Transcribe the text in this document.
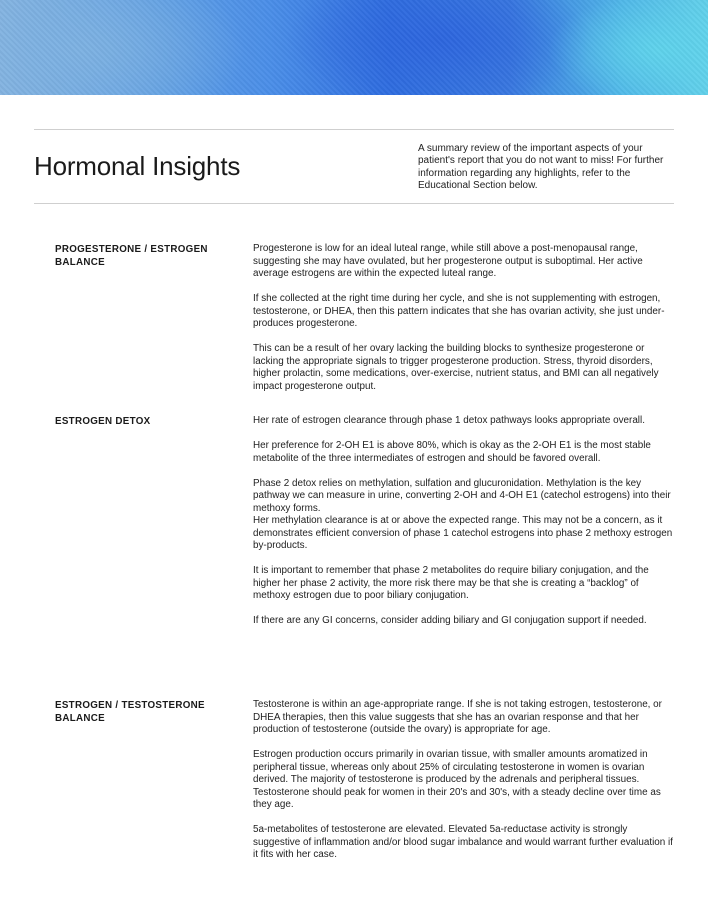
Hormonal Insights

A summary review of the important aspects of your patient's report that you do not want to miss! For further information regarding any highlights, refer to the Educational Section below.

PROGESTERONE / ESTROGEN BALANCE

Progesterone is low for an ideal luteal range, while still above a post-menopausal range, suggesting she may have ovulated, but her progesterone output is suboptimal. Her active average estrogens are within the expected luteal range.

If she collected at the right time during her cycle, and she is not supplementing with estrogen, testosterone, or DHEA, then this pattern indicates that she has ovarian activity, she just under-produces progesterone.

This can be a result of her ovary lacking the building blocks to synthesize progesterone or lacking the appropriate signals to trigger progesterone production. Stress, thyroid disorders, higher prolactin, some medications, over-exercise, nutrient status, and BMI can all negatively impact progesterone output.

ESTROGEN DETOX	Her rate of estrogen clearance through phase 1 detox pathways looks appropriate overall.

Her preference for 2-OH E1 is above 80%, which is okay as the 2-OH E1 is the most stable metabolite of the three intermediates of estrogen and should be favored overall.

Phase 2 detox relies on methylation, sulfation and glucuronidation. Methylation is the key pathway we can measure in urine, converting 2-OH and 4-OH E1 (catechol estrogens) into their methoxy forms.

Her methylation clearance is at or above the expected range. This may not be a concern, as it demonstrates efficient conversion of phase 1 catechol estrogens into phase 2 methoxy estrogen by-products.

It is important to remember that phase 2 metabolites do require biliary conjugation, and the higher her phase 2 activity, the more risk there may be that she is creating a “backlog” of methoxy estrogen due to poor biliary conjugation.

If there are any GI concerns, consider adding biliary and GI conjugation support if needed.

ESTROGEN / TESTOSTERONE BALANCE

Testosterone is within an age-appropriate range. If she is not taking estrogen, testosterone, or DHEA therapies, then this value suggests that she has an ovarian response and that her production of testosterone (outside the ovary) is appropriate for age.

Estrogen production occurs primarily in ovarian tissue, with smaller amounts aromatized in peripheral tissue, whereas only about 25% of circulating testosterone in women is ovarian derived. The majority of testosterone is produced by the adrenals and peripheral tissues. Testosterone should peak for women in their 20's and 30's, with a steady decline over time as they age.

5a-metabolites of testosterone are elevated. Elevated 5a-reductase activity is strongly suggestive of inflammation and/or blood sugar imbalance and would warrant further evaluation if it fits with her case.
